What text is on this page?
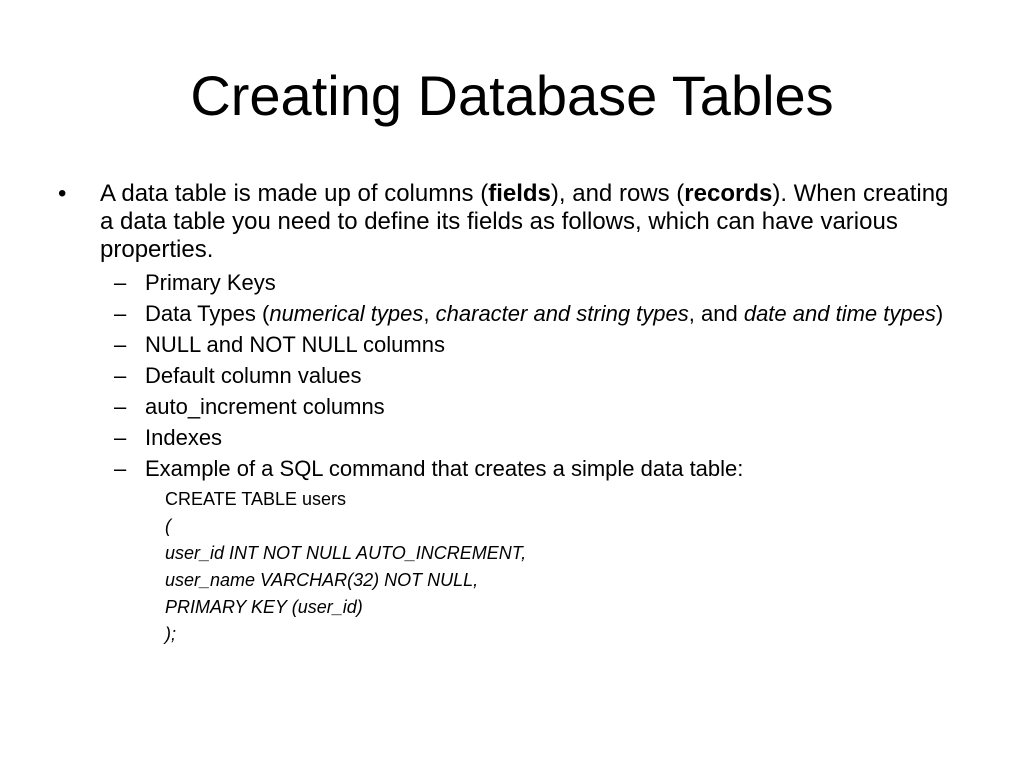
Creating Database Tables
• A data table is made up of columns (fields), and rows (records). When creating a data table you need to define its fields as follows, which can have various properties.
– Primary Keys
– Data Types (numerical types, character and string types, and date and time types)
– NULL and NOT NULL columns
– Default column values
– auto_increment columns
– Indexes
– Example of a SQL command that creates a simple data table:
CREATE TABLE users
(
user_id INT NOT NULL AUTO_INCREMENT,
user_name VARCHAR(32) NOT NULL,
PRIMARY KEY (user_id)
);
